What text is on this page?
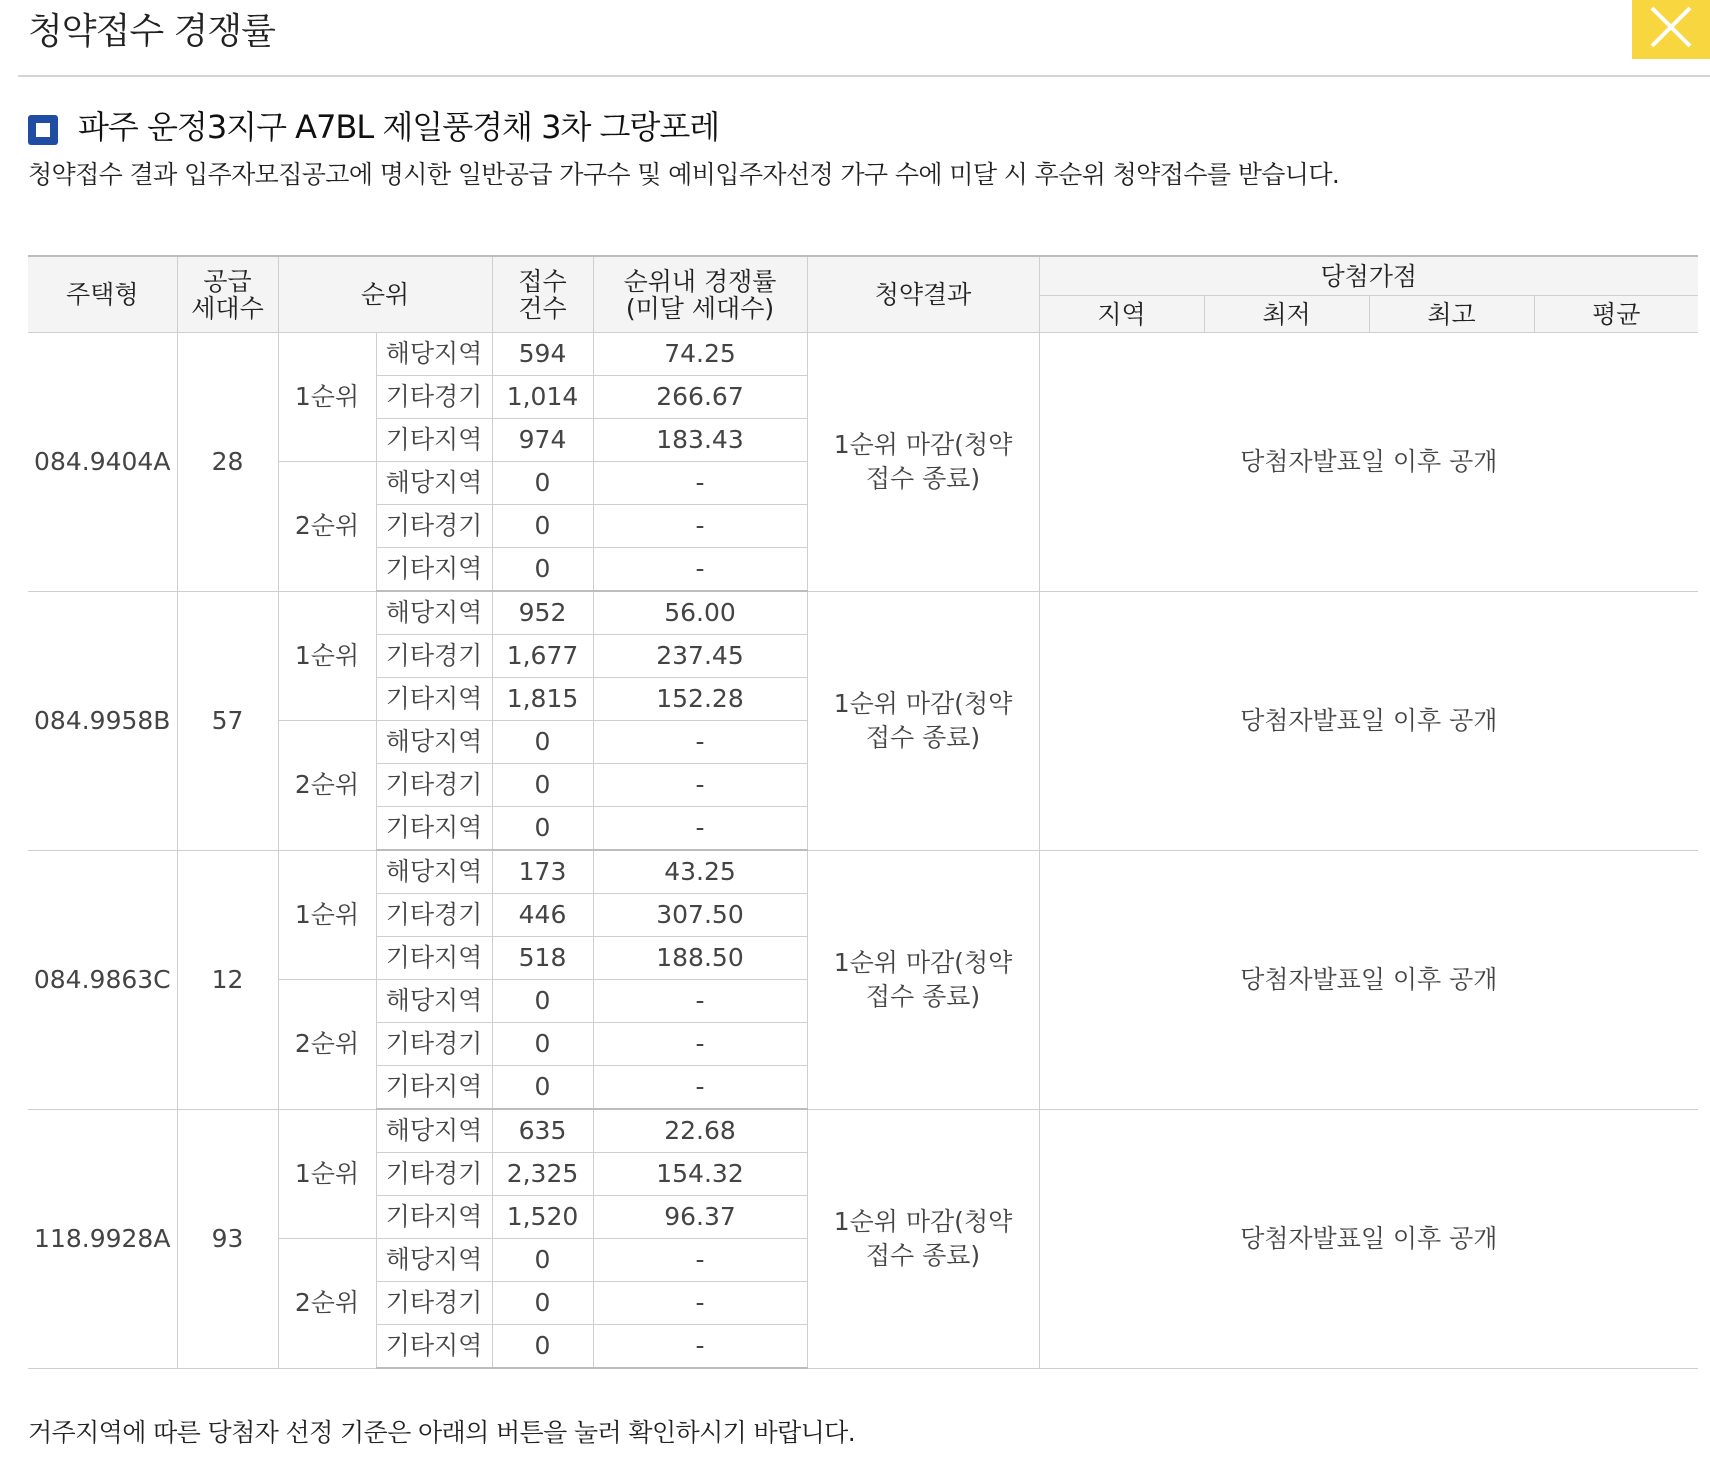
청약접수 경쟁률
파주 운정3지구 A7BL 제일풍경채 3차 그랑포레
청약접수 결과 입주자모집공고에 명시한 일반공급 가구수 및 예비입주자선정 가구 수에 미달 시 후순위 청약접수를 받습니다.
주택형	공급 세대수	순위		접수 건수	순위내 경쟁률 (미달 세대수)	청약결과	당첨가점			
							지역	최저	최고	평균
084.9404A	28	1순위	해당지역	594	74.25	1순위 마감(청약 접수 종료)	당첨자발표일 이후 공개			
			기타경기	1,014	266.67					
			기타지역	974	183.43					
		2순위	해당지역	0	-					
			기타경기	0	-					
			기타지역	0	-					
084.9958B	57	1순위	해당지역	952	56.00	1순위 마감(청약 접수 종료)	당첨자발표일 이후 공개			
			기타경기	1,677	237.45					
			기타지역	1,815	152.28					
		2순위	해당지역	0	-					
			기타경기	0	-					
			기타지역	0	-					
084.9863C	12	1순위	해당지역	173	43.25	1순위 마감(청약 접수 종료)	당첨자발표일 이후 공개			
			기타경기	446	307.50					
			기타지역	518	188.50					
		2순위	해당지역	0	-					
			기타경기	0	-					
			기타지역	0	-					
118.9928A	93	1순위	해당지역	635	22.68	1순위 마감(청약 접수 종료)	당첨자발표일 이후 공개			
			기타경기	2,325	154.32					
			기타지역	1,520	96.37					
		2순위	해당지역	0	-					
			기타경기	0	-					
			기타지역	0	-					
거주지역에 따른 당첨자 선정 기준은 아래의 버튼을 눌러 확인하시기 바랍니다.
